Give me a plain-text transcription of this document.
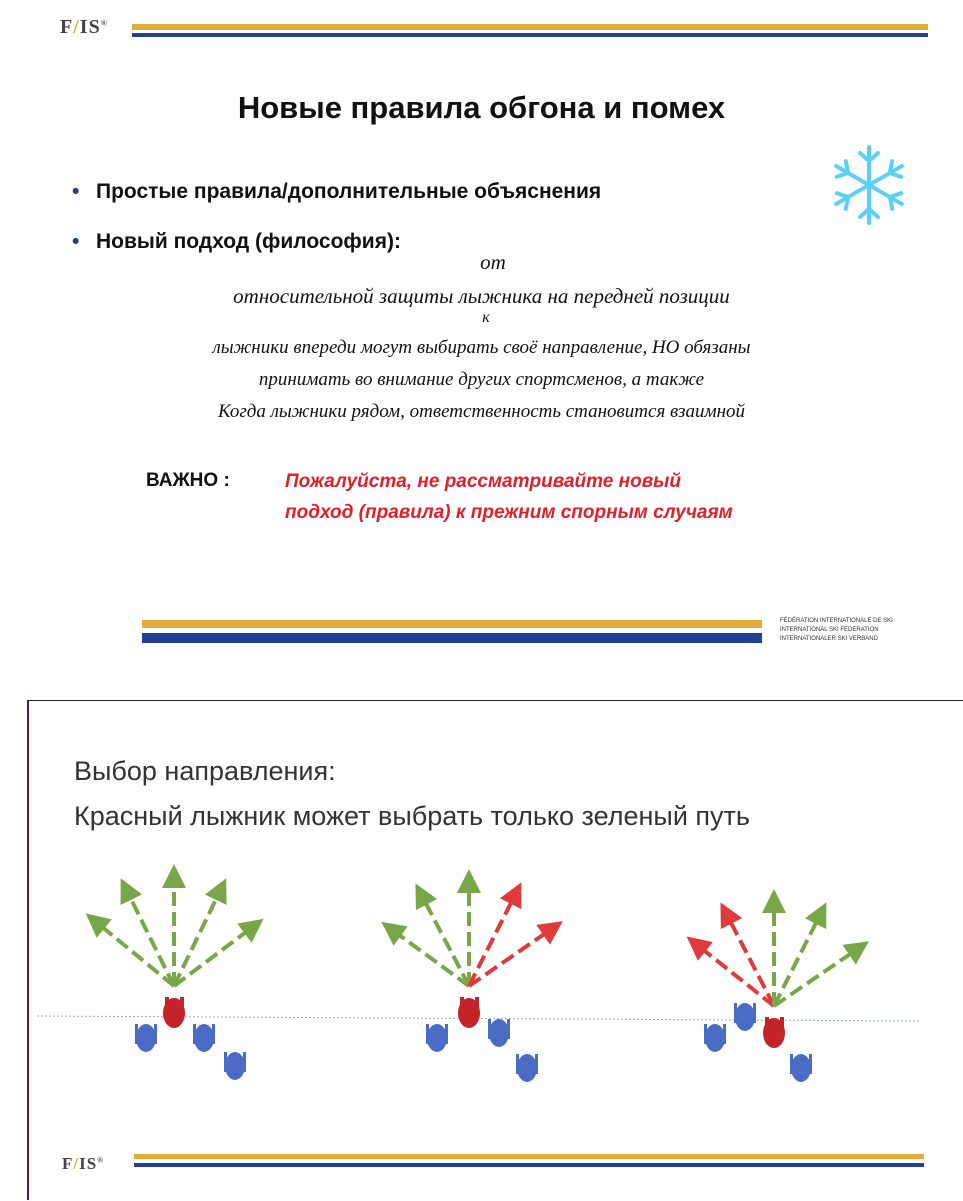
F/IS®
Новые правила обгона и помех
• Простые правила/дополнительные объяснения
• Новый подход (философия):
от
относительной защиты лыжника на передней позиции
к
лыжники впереди могут выбирать своё направление, НО обязаны
принимать во внимание других спортсменов, а также
Когда лыжники рядом, ответственность становится взаимной
ВАЖНО :	Пожалуйста, не рассматривайте новый
подход (правила) к прежним спорным случаям
FÉDÉRATION INTERNATIONALE DE SKI
INTERNATIONAL SKI FEDERATION
INTERNATIONALER SKI VERBAND
Выбор направления:
Красный лыжник может выбрать только зеленый путь
F/IS®
